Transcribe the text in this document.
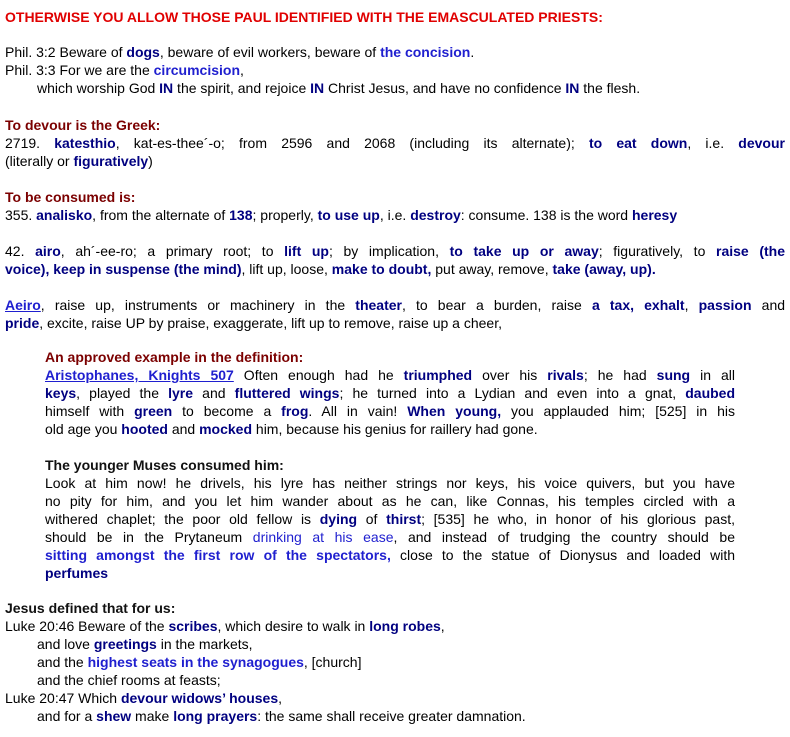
OTHERWISE YOU ALLOW THOSE PAUL IDENTIFIED WITH THE EMASCULATED PRIESTS:
Phil. 3:2 Beware of dogs, beware of evil workers, beware of the concision.
Phil. 3:3 For we are the circumcision,
which worship God IN the spirit, and rejoice IN Christ Jesus, and have no confidence IN the flesh.
To devour is the Greek:
2719. katesthio, kat-es-thee´-o; from 2596 and 2068 (including its alternate); to eat down, i.e. devour
(literally or figuratively)
To be consumed is:
355. analisko, from the alternate of 138; properly, to use up, i.e. destroy: consume. 138 is the word heresy
42. airo, ah´-ee-ro; a primary root; to lift up; by implication, to take up or away; figuratively, to raise (the
voice), keep in suspense (the mind), lift up, loose, make to doubt, put away, remove, take (away, up).
Aeiro, raise up, instruments or machinery in the theater, to bear a burden, raise a tax, exhalt, passion and
pride, excite, raise UP by praise, exaggerate, lift up to remove, raise up a cheer,
An approved example in the definition:
Aristophanes, Knights 507 Often enough had he triumphed over his rivals; he had sung in all
keys, played the lyre and fluttered wings; he turned into a Lydian and even into a gnat, daubed
himself with green to become a frog. All in vain! When young, you applauded him; [525] in his
old age you hooted and mocked him, because his genius for raillery had gone.
The younger Muses consumed him:
Look at him now! he drivels, his lyre has neither strings nor keys, his voice quivers, but you have
no pity for him, and you let him wander about as he can, like Connas, his temples circled with a
withered chaplet; the poor old fellow is dying of thirst; [535] he who, in honor of his glorious past,
should be in the Prytaneum drinking at his ease, and instead of trudging the country should be
sitting amongst the first row of the spectators, close to the statue of Dionysus and loaded with
perfumes
Jesus defined that for us:
Luke 20:46 Beware of the scribes, which desire to walk in long robes,
and love greetings in the markets,
and the highest seats in the synagogues, [church]
and the chief rooms at feasts;
Luke 20:47 Which devour widows’ houses,
and for a shew make long prayers: the same shall receive greater damnation.
